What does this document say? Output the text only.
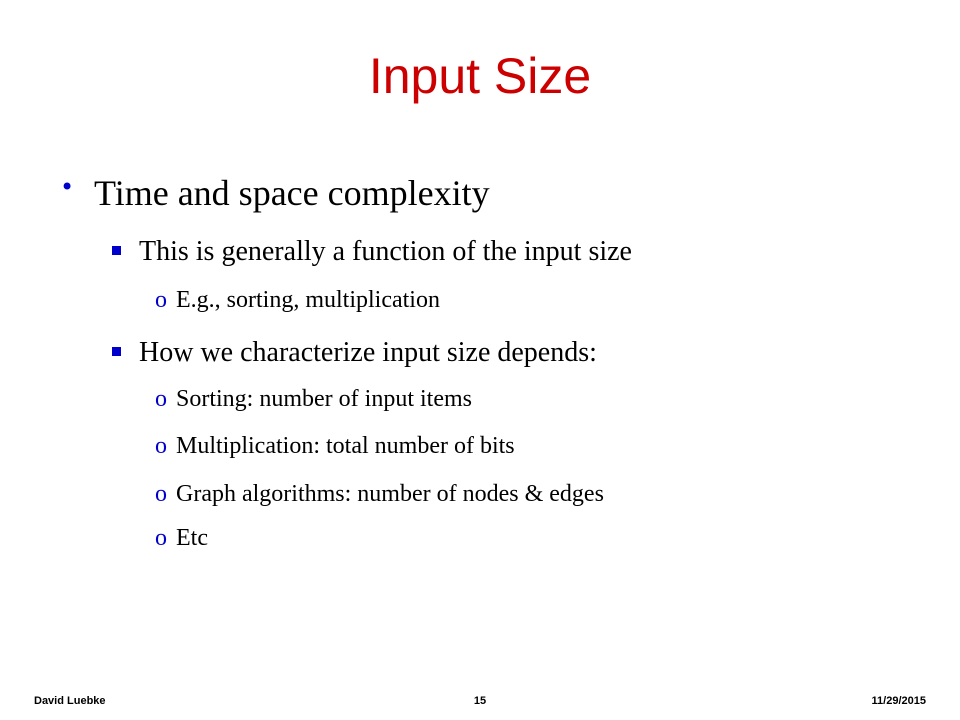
Input Size
• Time and space complexity
This is generally a function of the input size
o E.g., sorting, multiplication
How we characterize input size depends:
o Sorting: number of input items
o Multiplication: total number of bits
o Graph algorithms: number of nodes & edges
o Etc
David Luebke	15	11/29/2015
